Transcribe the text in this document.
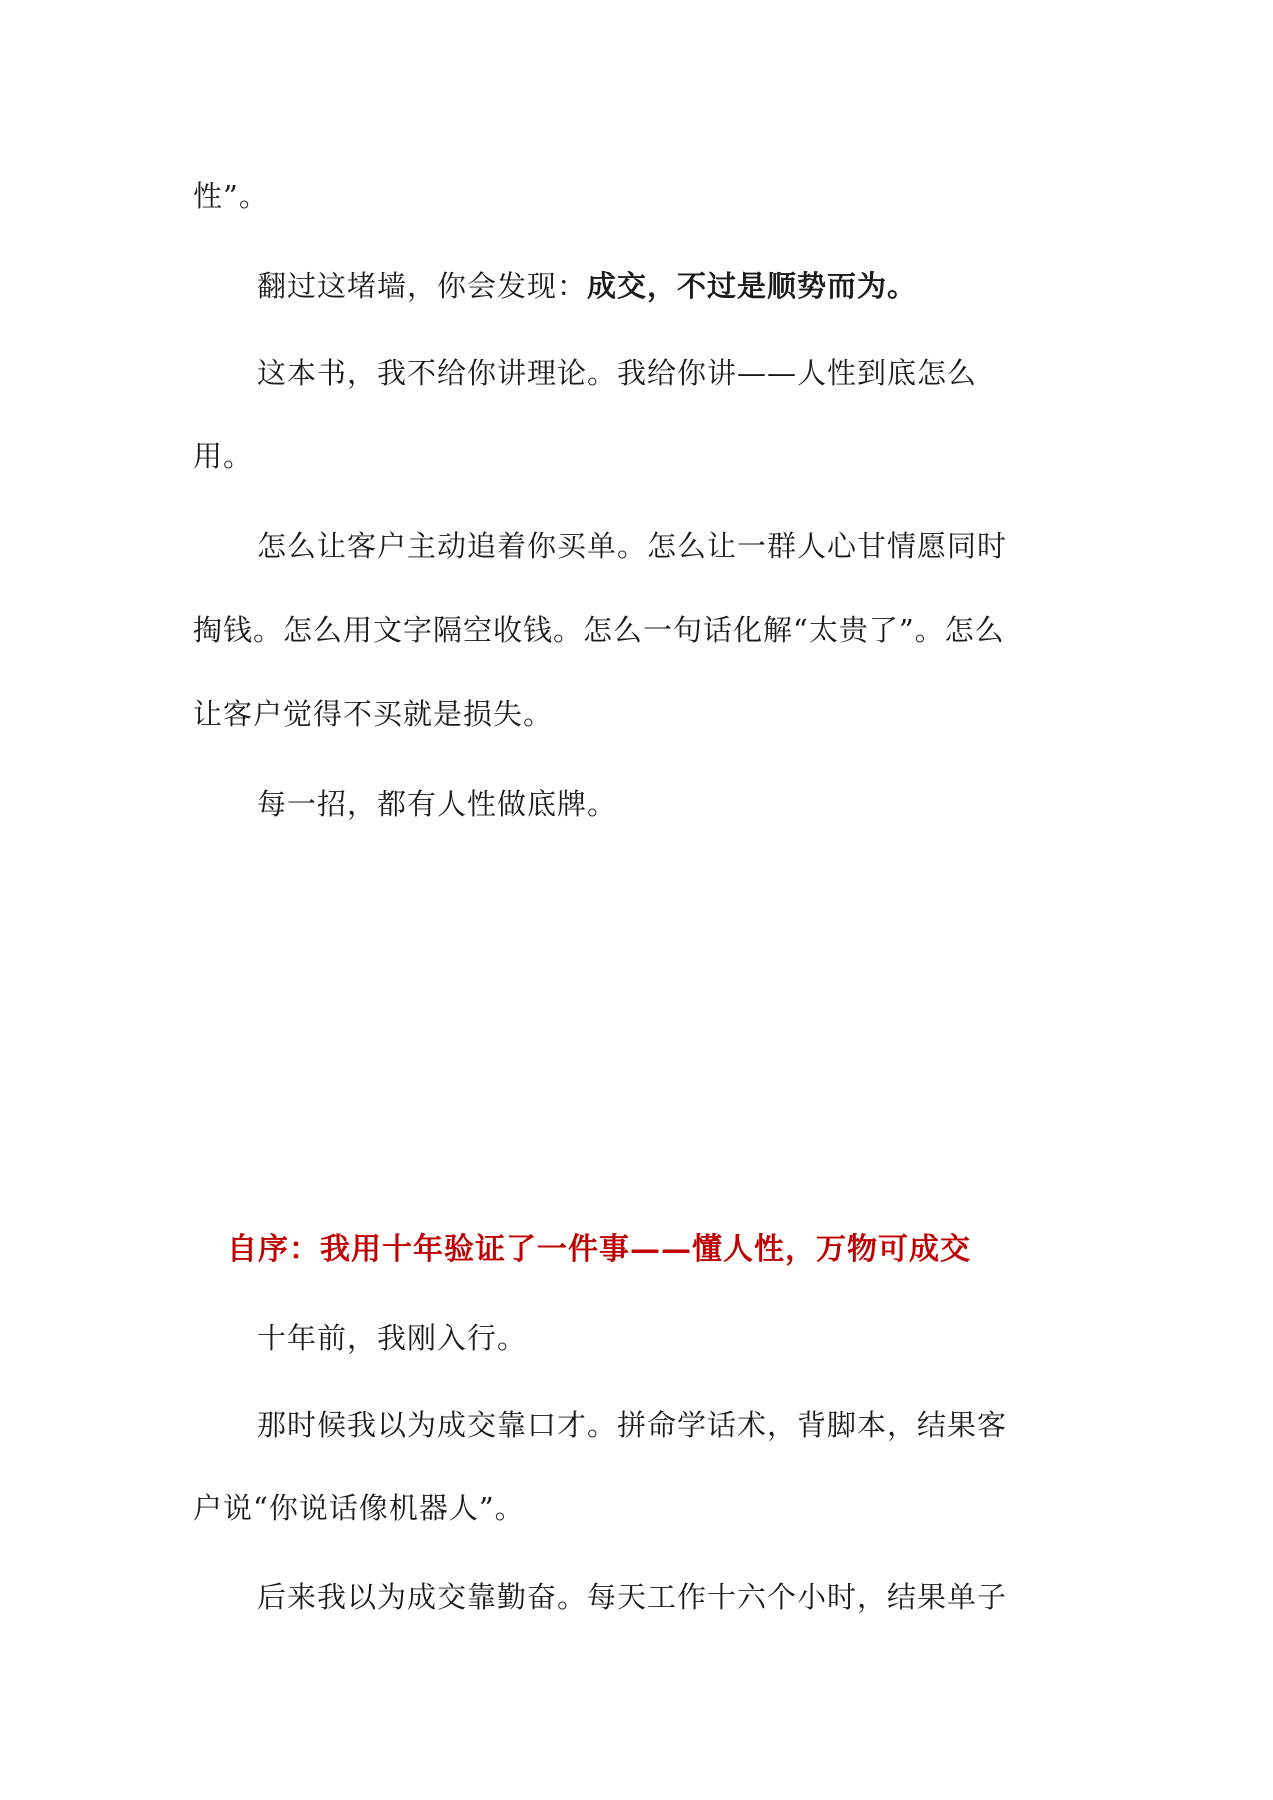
性”。
翻过这堵墙，你会发现：成交，不过是顺势而为。
这本书，我不给你讲理论。我给你讲——人性到底怎么
用。
怎么让客户主动追着你买单。怎么让一群人心甘情愿同时
掏钱。怎么用文字隔空收钱。怎么一句话化解“太贵了”。怎么
让客户觉得不买就是损失。
每一招，都有人性做底牌。
自序：我用十年验证了一件事——懂人性，万物可成交
十年前，我刚入行。
那时候我以为成交靠口才。拼命学话术，背脚本，结果客
户说“你说话像机器人”。
后来我以为成交靠勤奋。每天工作十六个小时，结果单子
